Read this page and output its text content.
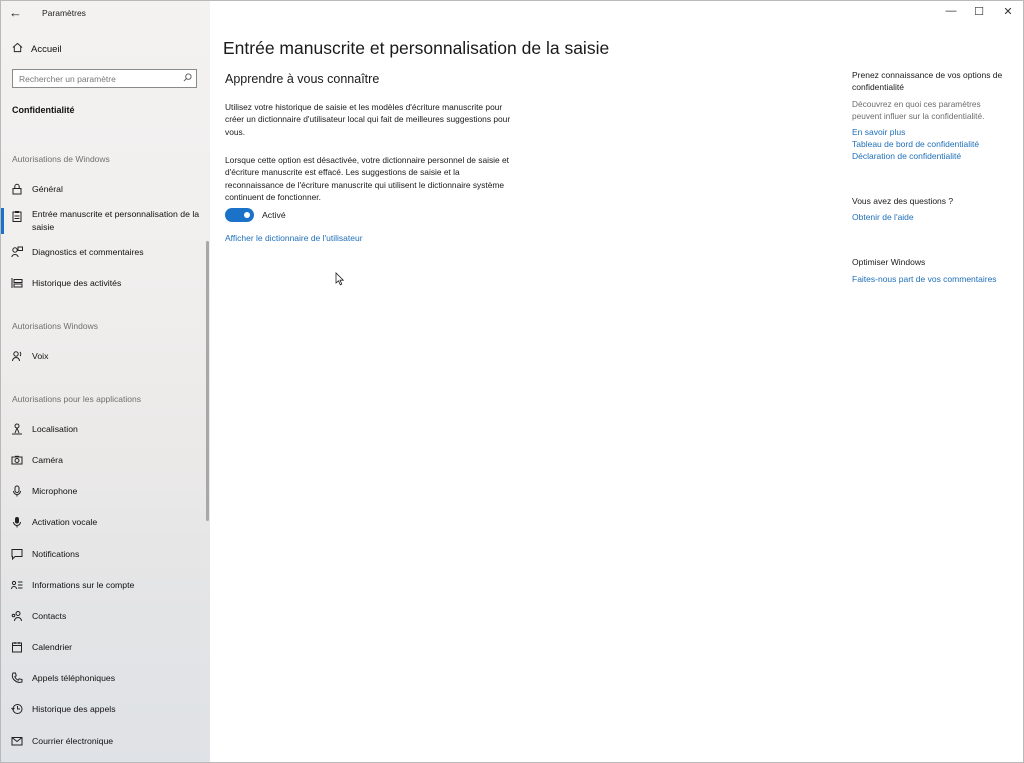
←	Paramètres
Accueil
Rechercher un paramètre
Confidentialité
Autorisations de Windows
Général
Entrée manuscrite et personnalisation de la saisie
Diagnostics et commentaires
Historique des activités
Autorisations Windows
Voix
Autorisations pour les applications
Localisation
Caméra
Microphone
Activation vocale
Notifications
Informations sur le compte
Contacts
Calendrier
Appels téléphoniques
Historique des appels
Courrier électronique
—	☐	✕
Entrée manuscrite et personnalisation de la saisie
Apprendre à vous connaître
Utilisez votre historique de saisie et les modèles d'écriture manuscrite pour créer un dictionnaire d'utilisateur local qui fait de meilleures suggestions pour vous.
Lorsque cette option est désactivée, votre dictionnaire personnel de saisie et d'écriture manuscrite est effacé. Les suggestions de saisie et la reconnaissance de l'écriture manuscrite qui utilisent le dictionnaire système continuent de fonctionner.
Activé
Afficher le dictionnaire de l'utilisateur
Prenez connaissance de vos options de confidentialité
Découvrez en quoi ces paramètres peuvent influer sur la confidentialité.
En savoir plus
Tableau de bord de confidentialité
Déclaration de confidentialité
Vous avez des questions ?
Obtenir de l'aide
Optimiser Windows
Faites-nous part de vos commentaires
